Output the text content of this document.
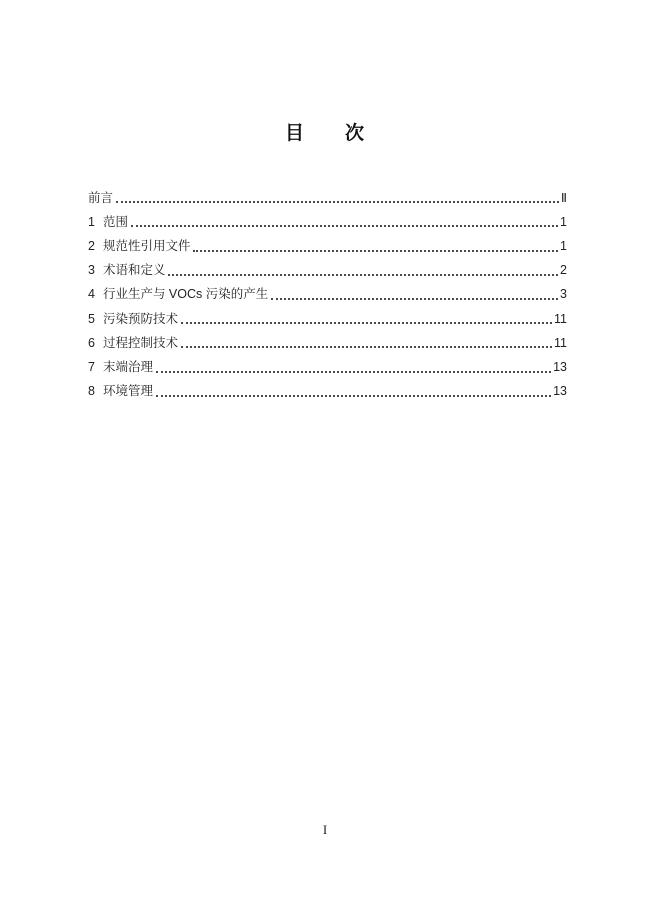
目　　次
前言	Ⅱ
1 范围	1
2 规范性引用文件	1
3 术语和定义	2
4 行业生产与 VOCs 污染的产生	3
5 污染预防技术	11
6 过程控制技术	11
7 末端治理	13
8 环境管理	13
I
